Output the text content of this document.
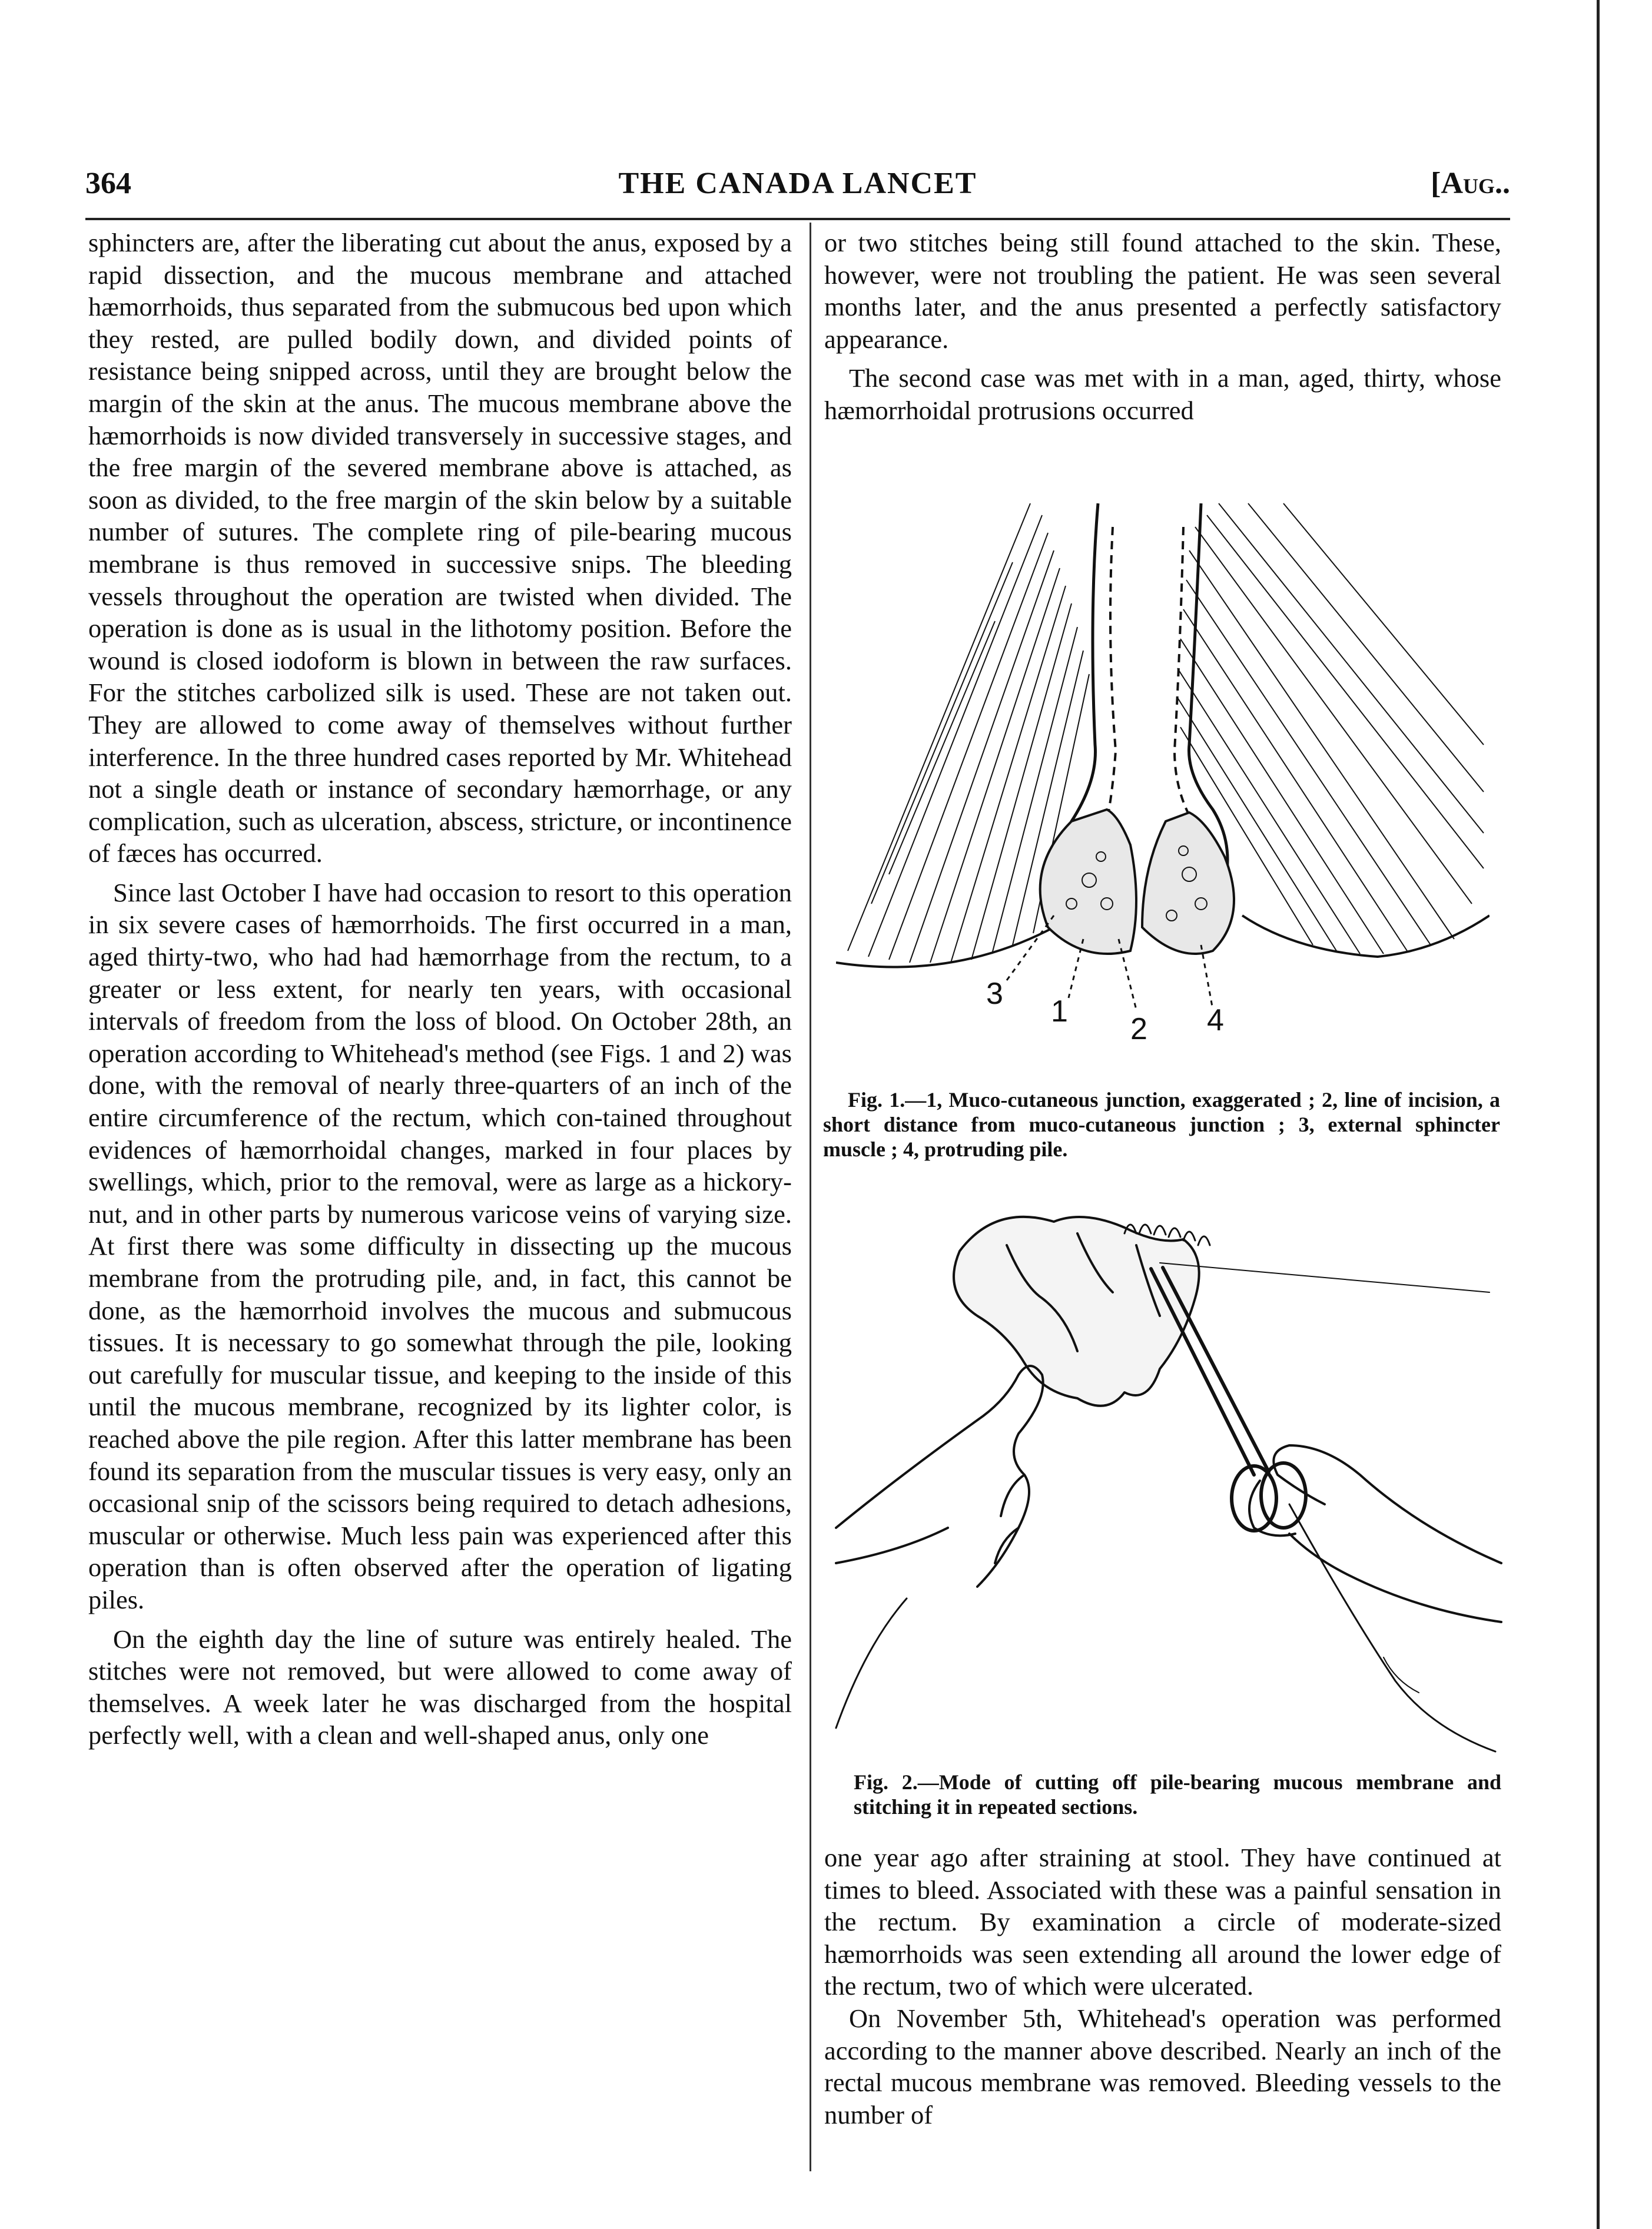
364	THE CANADA LANCET	[Aug..

sphincters are, after the liberating cut about the anus, exposed by a rapid dissection, and the mucous membrane and attached hæmorrhoids, thus separated from the submucous bed upon which they rested, are pulled bodily down, and divided points of resistance being snipped across, until they are brought below the margin of the skin at the anus. The mucous membrane above the hæmorrhoids is now divided transversely in successive stages, and the free margin of the severed membrane above is attached, as soon as divided, to the free margin of the skin below by a suitable number of sutures. The complete ring of pile-bearing mucous membrane is thus removed in successive snips. The bleeding vessels throughout the operation are twisted when divided. The operation is done as is usual in the lithotomy position. Before the wound is closed iodoform is blown in between the raw surfaces. For the stitches carbolized silk is used. These are not taken out. They are allowed to come away of themselves without further interference. In the three hundred cases reported by Mr. Whitehead not a single death or instance of secondary hæmorrhage, or any complication, such as ulceration, abscess, stricture, or incontinence of fæces has occurred.

Since last October I have had occasion to resort to this operation in six severe cases of hæmorrhoids. The first occurred in a man, aged thirty-two, who had had hæmorrhage from the rectum, to a greater or less extent, for nearly ten years, with occasional intervals of freedom from the loss of blood. On October 28th, an operation according to Whitehead's method (see Figs. 1 and 2) was done, with the removal of nearly three-quarters of an inch of the entire circumference of the rectum, which con-tained throughout evidences of hæmorrhoidal changes, marked in four places by swellings, which, prior to the removal, were as large as a hickory-nut, and in other parts by numerous varicose veins of varying size. At first there was some difficulty in dissecting up the mucous membrane from the protruding pile, and, in fact, this cannot be done, as the hæmorrhoid involves the mucous and submucous tissues. It is necessary to go somewhat through the pile, looking out carefully for muscular tissue, and keeping to the inside of this until the mucous membrane, recognized by its lighter color, is reached above the pile region. After this latter membrane has been found its separation from the muscular tissues is very easy, only an occasional snip of the scissors being required to detach adhesions, muscular or otherwise. Much less pain was experienced after this operation than is often observed after the operation of ligating piles.

On the eighth day the line of suture was entirely healed. The stitches were not removed, but were allowed to come away of themselves. A week later he was discharged from the hospital perfectly well, with a clean and well-shaped anus, only one

or two stitches being still found attached to the skin. These, however, were not troubling the patient. He was seen several months later, and the anus presented a perfectly satisfactory appearance.

The second case was met with in a man, aged, thirty, whose hæmorrhoidal protrusions occurred

3
1
2 4
Fig. 1.—1, Muco-cutaneous junction, exaggerated ; 2, line of incision, a short distance from muco-cutaneous junction ; 3, external sphincter muscle ; 4, protruding pile.
Fig. 2.—Mode of cutting off pile-bearing mucous membrane and stitching it in repeated sections.

one year ago after straining at stool. They have continued at times to bleed. Associated with these was a painful sensation in the rectum. By examination a circle of moderate-sized hæmorrhoids was seen extending all around the lower edge of the rectum, two of which were ulcerated.

On November 5th, Whitehead's operation was performed according to the manner above described. Nearly an inch of the rectal mucous membrane was removed. Bleeding vessels to the number of
